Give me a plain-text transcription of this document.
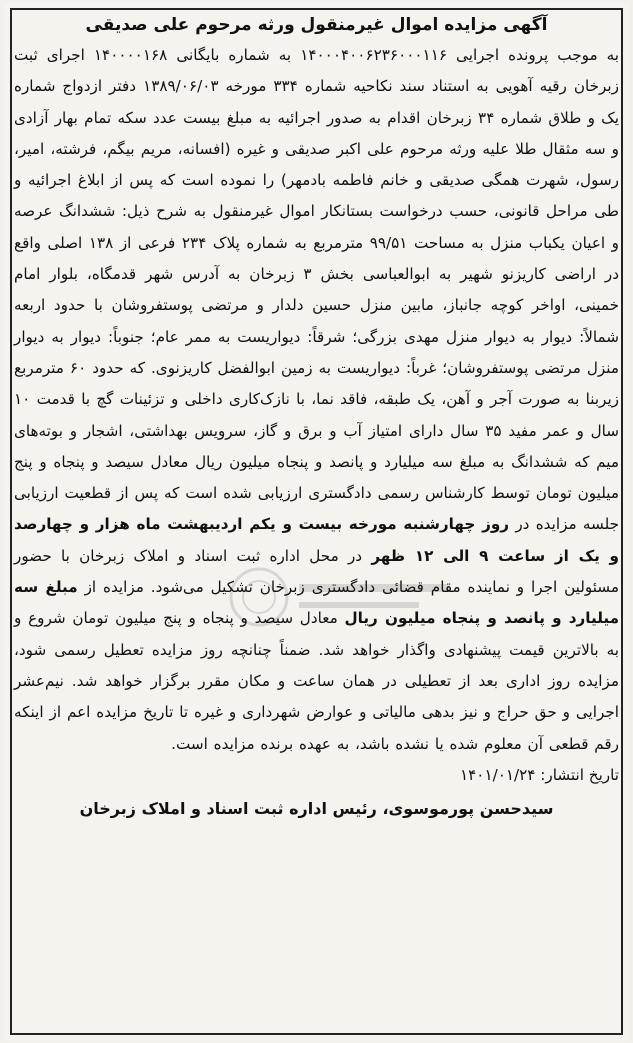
آگهی مزایده اموال غیرمنقول ورثه مرحوم علی صدیقی

به موجب پرونده اجرایی ۱۴۰۰۰۴۰۰۶۲۳۶۰۰۰۱۱۶ به شماره بایگانی ۱۴۰۰۰۰۱۶۸ اجرای ثبت زبرخان رقیه آهویی به استناد سند نکاحیه شماره ۳۳۴ مورخه ۱۳۸۹/۰۶/۰۳ دفتر ازدواج شماره یک و طلاق شماره ۳۴ زبرخان اقدام به صدور اجرائیه به مبلغ بیست عدد سکه تمام بهار آزادی و سه مثقال طلا علیه ورثه مرحوم علی اکبر صدیقی و غیره (افسانه، مریم بیگم، فرشته، امیر، رسول، شهرت همگی صدیقی و خانم فاطمه بادمهر) را نموده است که پس از ابلاغ اجرائیه و طی مراحل قانونی، حسب درخواست بستانکار اموال غیرمنقول به شرح ذیل: ششدانگ عرصه و اعیان یکباب منزل به مساحت ۹۹/۵۱ مترمربع به شماره پلاک ۲۳۴ فرعی از ۱۳۸ اصلی واقع در اراضی کاریزنو شهیر به ابوالعباسی بخش ۳ زبرخان به آدرس شهر قدمگاه، بلوار امام خمینی، اواخر کوچه جانباز، مابین منزل حسین دلدار و مرتضی پوستفروشان با حدود اربعه شمالاً: دیوار به دیوار منزل مهدی بزرگی؛ شرقاً: دیواریست به ممر عام؛ جنوباً: دیوار به دیوار منزل مرتضی پوستفروشان؛ غرباً: دیواریست به زمین ابوالفضل کاریزنوی. که حدود ۶۰ مترمربع زیربنا به صورت آجر و آهن، یک طبقه، فاقد نما، با نازک‌کاری داخلی و تزئینات گچ با قدمت ۱۰ سال و عمر مفید ۳۵ سال دارای امتیاز آب و برق و گاز، سرویس بهداشتی، اشجار و بوته‌های میم که ششدانگ به مبلغ سه میلیارد و پانصد و پنجاه میلیون ریال معادل سیصد و پنجاه و پنج میلیون تومان توسط کارشناس رسمی دادگستری ارزیابی شده است که پس از قطعیت ارزیابی جلسه مزایده در روز چهارشنبه مورخه بیست و یکم اردیبهشت ماه هزار و چهارصد و یک از ساعت ۹ الی ۱۲ ظهر در محل اداره ثبت اسناد و املاک زبرخان با حضور مسئولین اجرا و نماینده مقام قضائی دادگستری زبرخان تشکیل می‌شود. مزایده از مبلغ سه میلیارد و پانصد و پنجاه میلیون ریال معادل سیصد و پنجاه و پنج میلیون تومان شروع و به بالاترین قیمت پیشنهادی واگذار خواهد شد. ضمناً چنانچه روز مزایده تعطیل رسمی شود، مزایده روز اداری بعد از تعطیلی در همان ساعت و مکان مقرر برگزار خواهد شد. نیم‌عشر اجرایی و حق حراج و نیز بدهی مالیاتی و عوارض شهرداری و غیره تا تاریخ مزایده اعم از اینکه رقم قطعی آن معلوم شده یا نشده باشد، به عهده برنده مزایده است.

تاریخ انتشار: ۱۴۰۱/۰۱/۲۴

سیدحسن پورموسوی، رئیس اداره ثبت اسناد و املاک زبرخان
